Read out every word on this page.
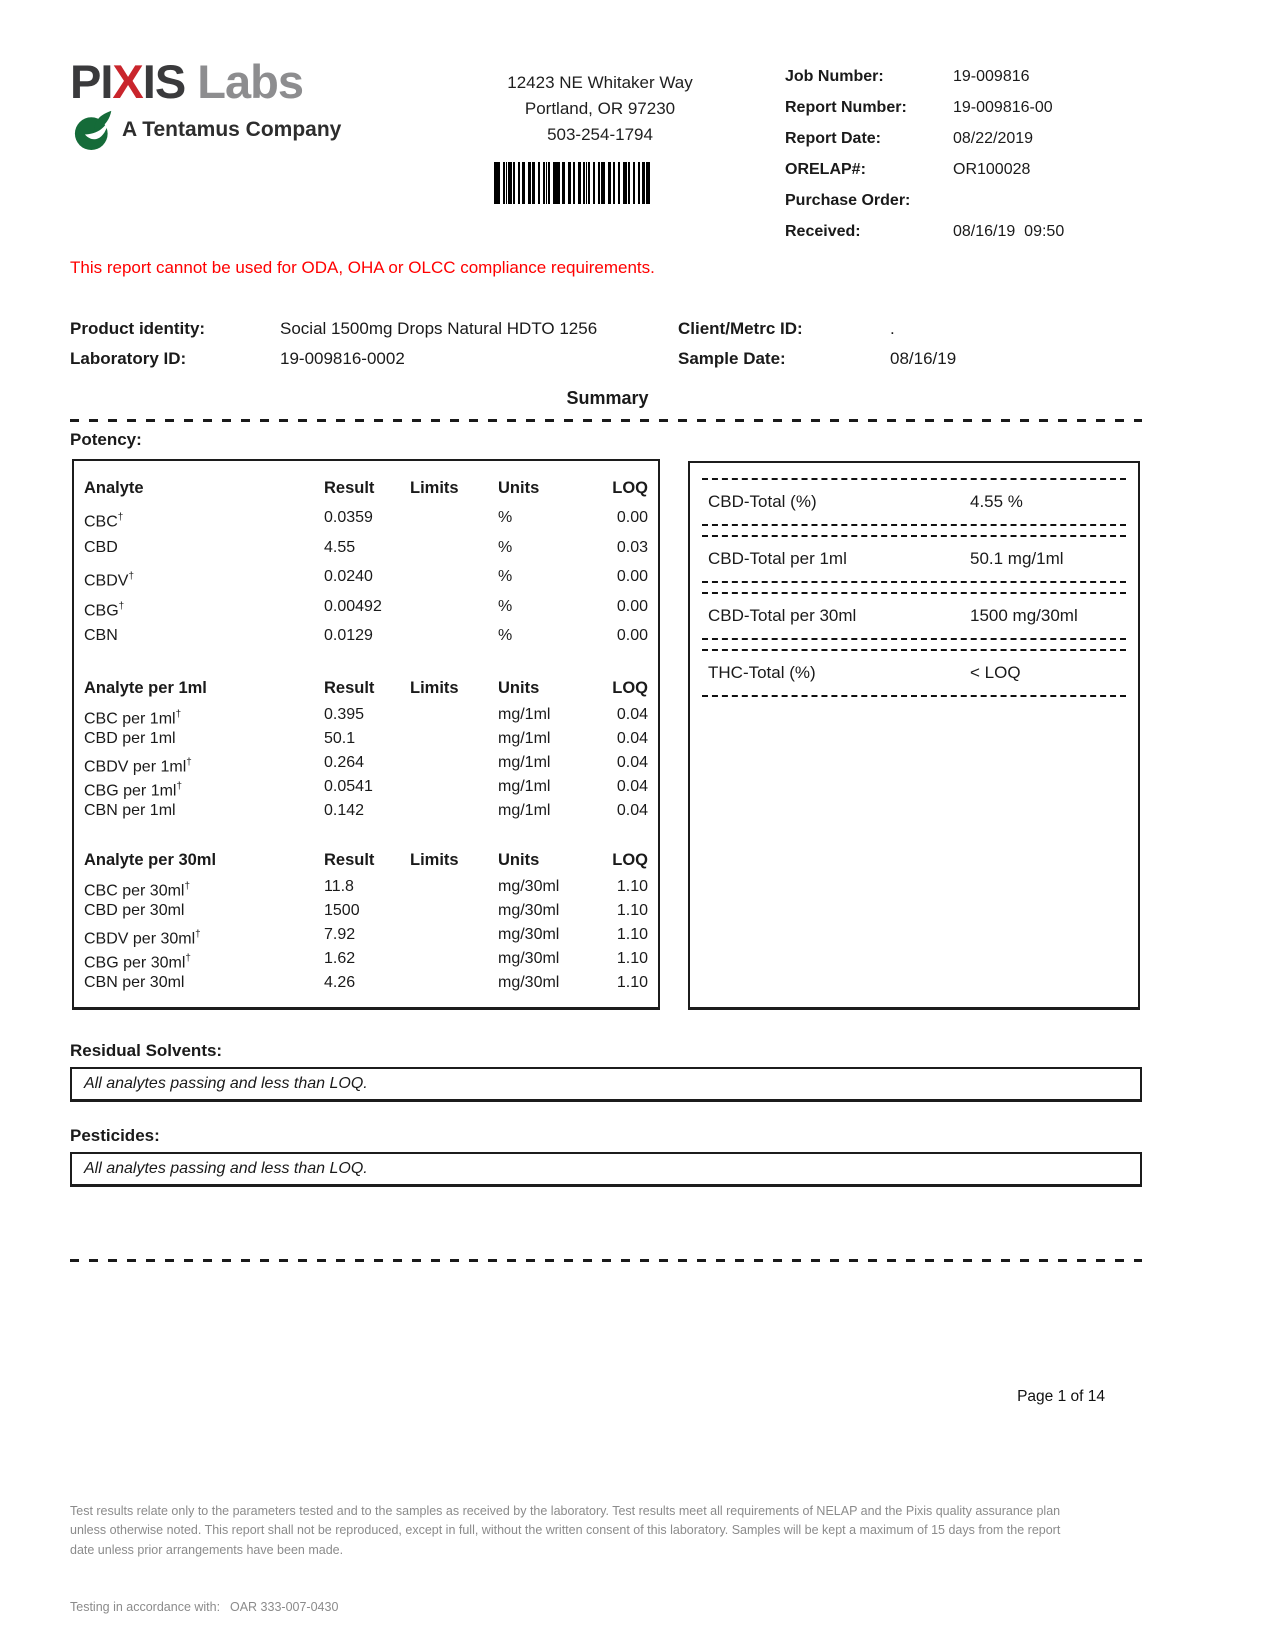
PIXIS Labs
A Tentamus Company
12423 NE Whitaker Way
Portland, OR 97230
503-254-1794
Job Number:	19-009816
Report Number:	19-009816-00
Report Date:	08/22/2019
ORELAP#:	OR100028
Purchase Order:
Received:	08/16/19  09:50
This report cannot be used for ODA, OHA or OLCC compliance requirements.
Product identity:	Social 1500mg Drops Natural HDTO 1256	Client/Metrc ID:	.
Laboratory ID:	19-009816-0002	Sample Date:	08/16/19
Summary
Potency:
Analyte	Result	Limits	Units	LOQ
CBC†	0.0359	%	0.00
CBD	4.55	%	0.03
CBDV†	0.0240	%	0.00
CBG†	0.00492	%	0.00
CBN	0.0129	%	0.00
Analyte per 1ml	Result	Limits	Units	LOQ
CBC per 1ml†	0.395	mg/1ml	0.04
CBD per 1ml	50.1	mg/1ml	0.04
CBDV per 1ml†	0.264	mg/1ml	0.04
CBG per 1ml†	0.0541	mg/1ml	0.04
CBN per 1ml	0.142	mg/1ml	0.04
Analyte per 30ml	Result	Limits	Units	LOQ
CBC per 30ml†	11.8	mg/30ml	1.10
CBD per 30ml	1500	mg/30ml	1.10
CBDV per 30ml†	7.92	mg/30ml	1.10
CBG per 30ml†	1.62	mg/30ml	1.10
CBN per 30ml	4.26	mg/30ml	1.10
CBD-Total (%)	4.55 %
CBD-Total per 1ml	50.1 mg/1ml
CBD-Total per 30ml	1500 mg/30ml
THC-Total (%)	< LOQ
Residual Solvents:
All analytes passing and less than LOQ.
Pesticides:
All analytes passing and less than LOQ.
Page 1 of 14
Test results relate only to the parameters tested and to the samples as received by the laboratory. Test results meet all requirements of NELAP and the Pixis quality assurance plan unless otherwise noted. This report shall not be reproduced, except in full, without the written consent of this laboratory. Samples will be kept a maximum of 15 days from the report date unless prior arrangements have been made.
Testing in accordance with: OAR 333-007-0430
